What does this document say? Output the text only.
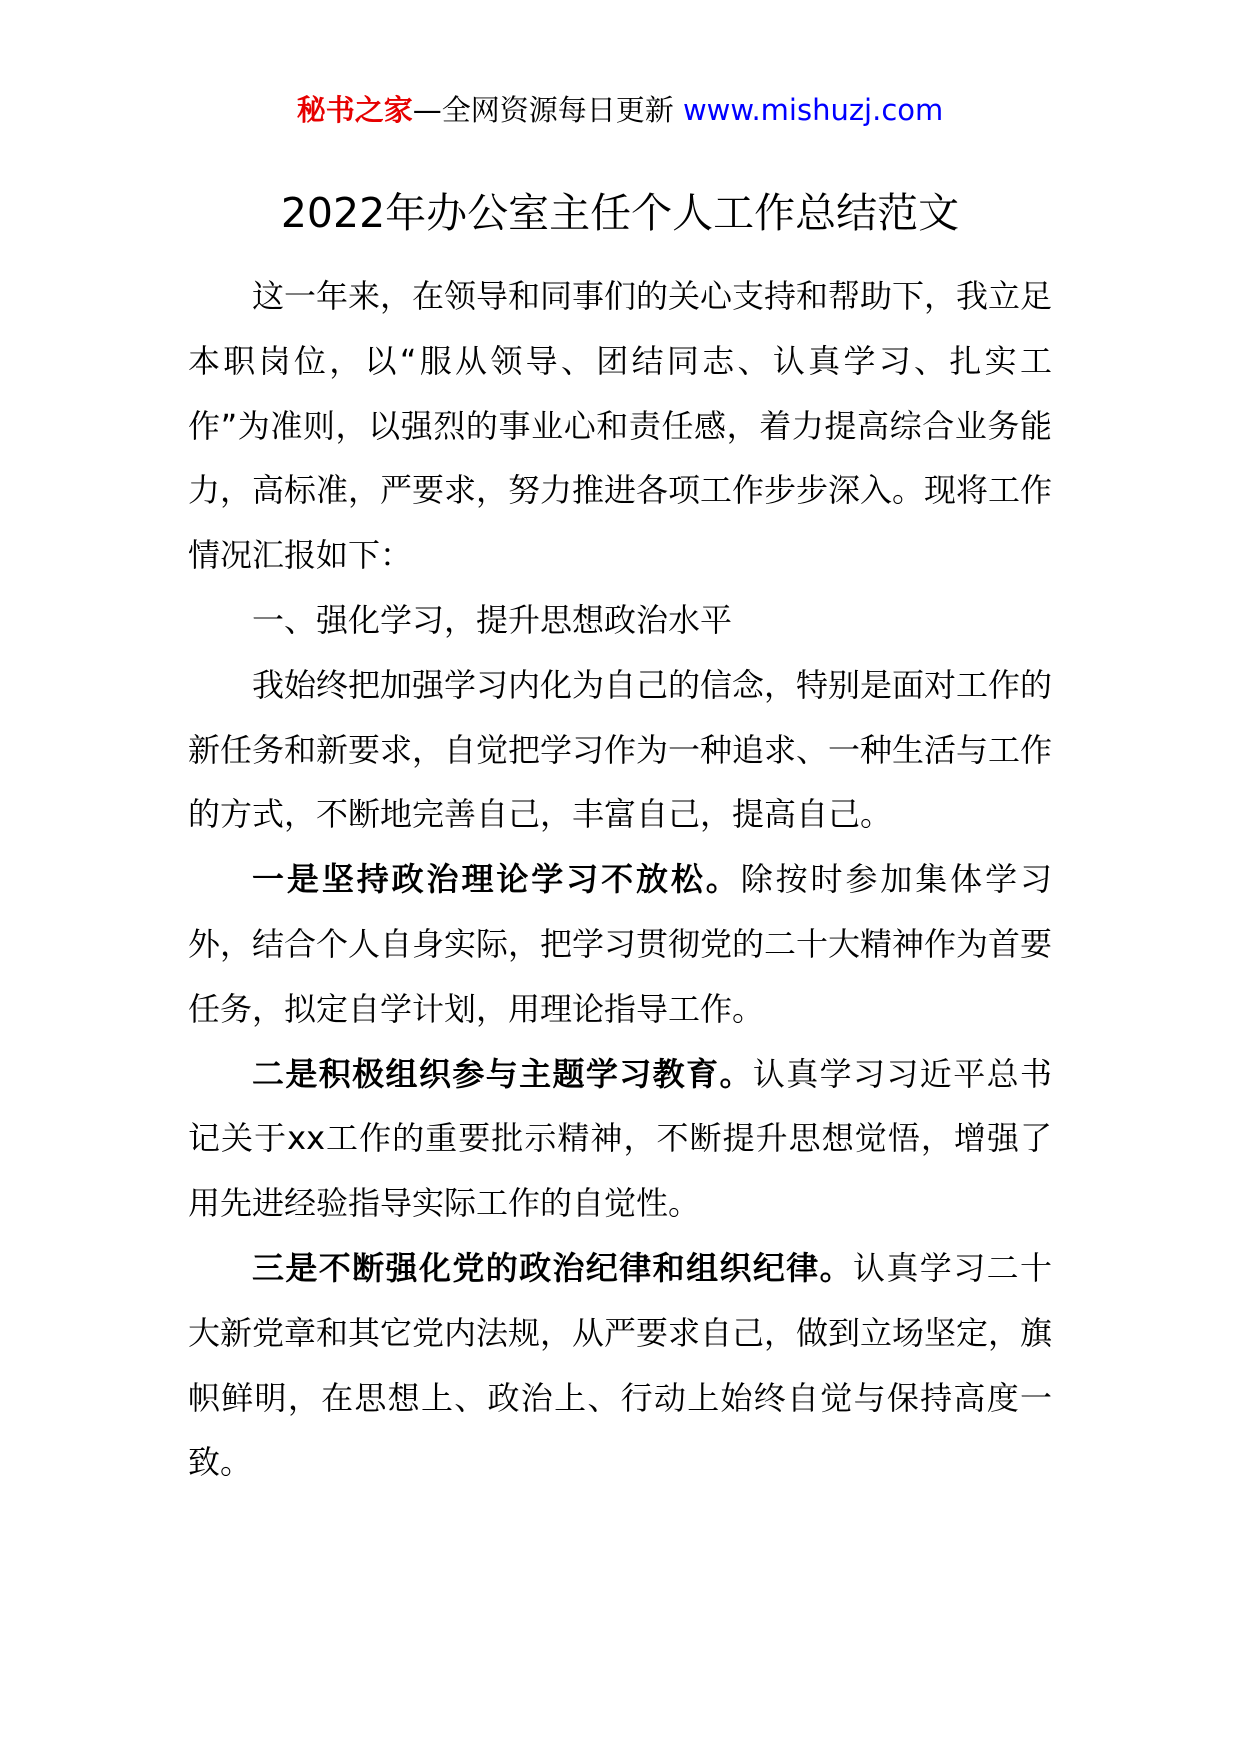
秘书之家—全网资源每日更新 www.mishuzj.com
2022年办公室主任个人工作总结范文

这一年来，在领导和同事们的关心支持和帮助下，我立足本职岗位，以“服从领导、团结同志、认真学习、扎实工作”为准则，以强烈的事业心和责任感，着力提高综合业务能力，高标准，严要求，努力推进各项工作步步深入。现将工作情况汇报如下：

一、强化学习，提升思想政治水平

我始终把加强学习内化为自己的信念，特别是面对工作的新任务和新要求，自觉把学习作为一种追求、一种生活与工作的方式，不断地完善自己，丰富自己，提高自己。

一是坚持政治理论学习不放松。除按时参加集体学习外，结合个人自身实际，把学习贯彻党的二十大精神作为首要任务，拟定自学计划，用理论指导工作。

二是积极组织参与主题学习教育。认真学习习近平总书记关于xx工作的重要批示精神，不断提升思想觉悟，增强了用先进经验指导实际工作的自觉性。

三是不断强化党的政治纪律和组织纪律。认真学习二十大新党章和其它党内法规，从严要求自己，做到立场坚定，旗帜鲜明，在思想上、政治上、行动上始终自觉与保持高度一致。
